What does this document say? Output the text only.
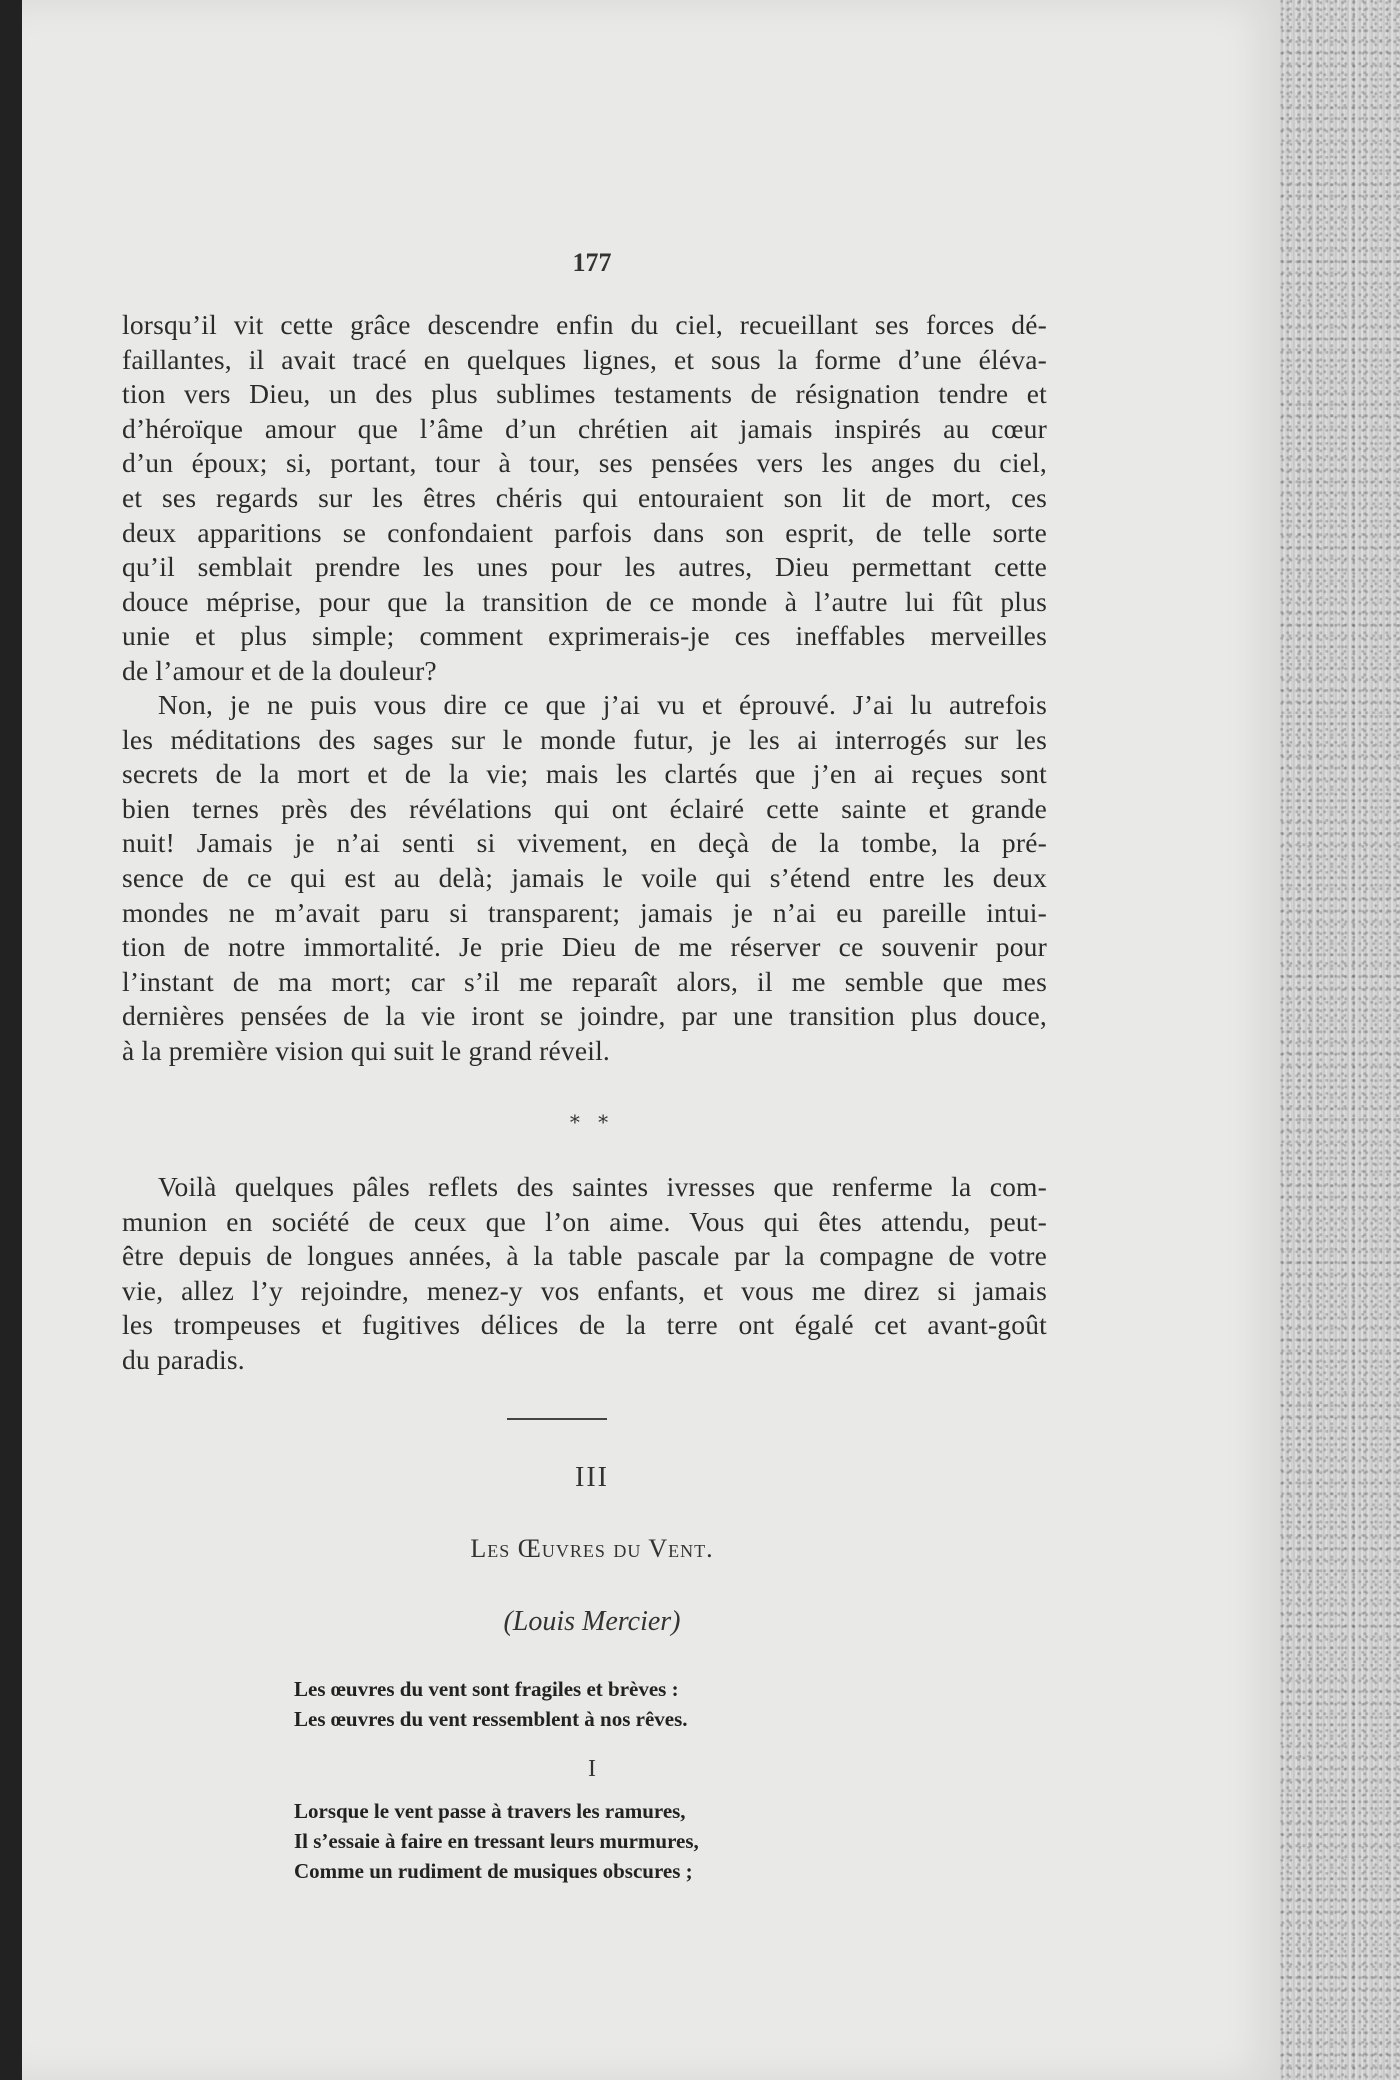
177
lorsqu’il vit cette grâce descendre enfin du ciel, recueillant ses forces dé-
faillantes, il avait tracé en quelques lignes, et sous la forme d’une éléva-
tion vers Dieu, un des plus sublimes testaments de résignation tendre et
d’héroïque amour que l’âme d’un chrétien ait jamais inspirés au cœur
d’un époux; si, portant, tour à tour, ses pensées vers les anges du ciel,
et ses regards sur les êtres chéris qui entouraient son lit de mort, ces
deux apparitions se confondaient parfois dans son esprit, de telle sorte
qu’il semblait prendre les unes pour les autres, Dieu permettant cette
douce méprise, pour que la transition de ce monde à l’autre lui fût plus
unie et plus simple; comment exprimerais-je ces ineffables merveilles
de l’amour et de la douleur?
Non, je ne puis vous dire ce que j’ai vu et éprouvé. J’ai lu autrefois
les méditations des sages sur le monde futur, je les ai interrogés sur les
secrets de la mort et de la vie; mais les clartés que j’en ai reçues sont
bien ternes près des révélations qui ont éclairé cette sainte et grande
nuit! Jamais je n’ai senti si vivement, en deçà de la tombe, la pré-
sence de ce qui est au delà; jamais le voile qui s’étend entre les deux
mondes ne m’avait paru si transparent; jamais je n’ai eu pareille intui-
tion de notre immortalité. Je prie Dieu de me réserver ce souvenir pour
l’instant de ma mort; car s’il me reparaît alors, il me semble que mes
dernières pensées de la vie iront se joindre, par une transition plus douce,
à la première vision qui suit le grand réveil.
* *
Voilà quelques pâles reflets des saintes ivresses que renferme la com-
munion en société de ceux que l’on aime. Vous qui êtes attendu, peut-
être depuis de longues années, à la table pascale par la compagne de votre
vie, allez l’y rejoindre, menez-y vos enfants, et vous me direz si jamais
les trompeuses et fugitives délices de la terre ont égalé cet avant-goût
du paradis.
III
Les Œuvres du Vent.
(Louis Mercier)
Les œuvres du vent sont fragiles et brèves :
Les œuvres du vent ressemblent à nos rêves.
I
Lorsque le vent passe à travers les ramures,
Il s’essaie à faire en tressant leurs murmures,
Comme un rudiment de musiques obscures ;
